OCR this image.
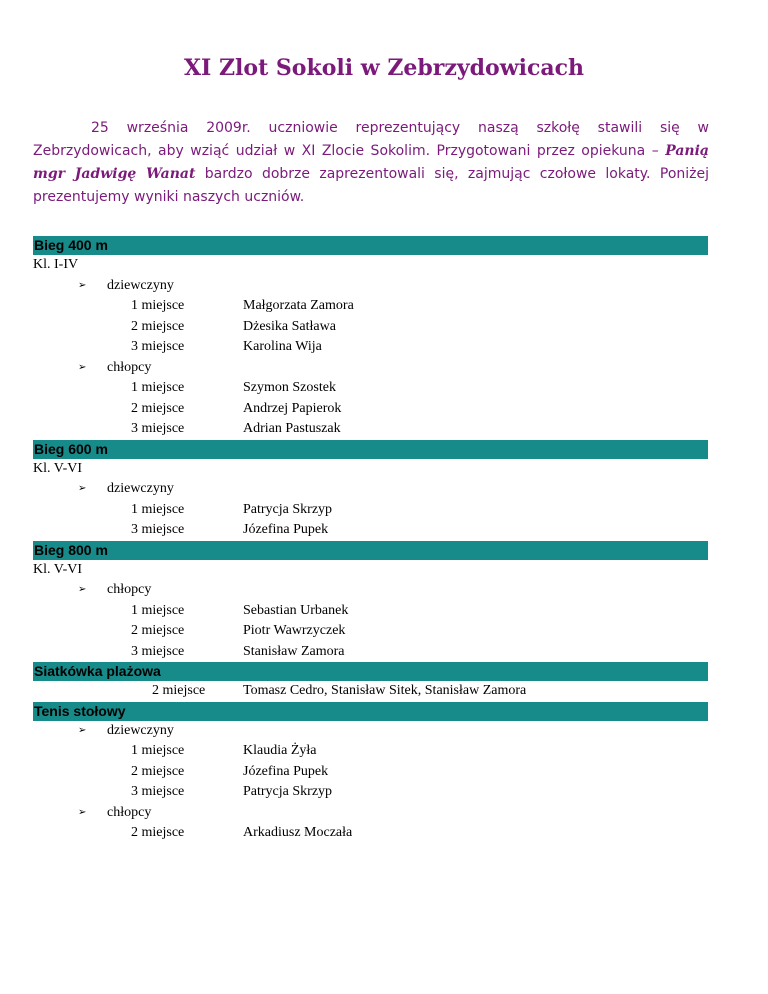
XI Zlot Sokoli w Zebrzydowicach
25 września 2009r. uczniowie reprezentujący naszą szkołę stawili się w Zebrzydowicach, aby wziąć udział w XI Zlocie Sokolim. Przygotowani przez opiekuna – Panią mgr Jadwigę Wanat bardzo dobrze zaprezentowali się, zajmując czołowe lokaty. Poniżej prezentujemy wyniki naszych uczniów.
Bieg 400 m
Kl. I-IV
➢ dziewczyny
1 miejsce	Małgorzata Zamora
2 miejsce	Dżesika Satława
3 miejsce	Karolina Wija
➢ chłopcy
1 miejsce	Szymon Szostek
2 miejsce	Andrzej Papierok
3 miejsce	Adrian Pastuszak
Bieg 600 m
Kl. V-VI
➢ dziewczyny
1 miejsce	Patrycja Skrzyp
3 miejsce	Józefina Pupek
Bieg 800 m
Kl. V-VI
➢ chłopcy
1 miejsce	Sebastian Urbanek
2 miejsce	Piotr Wawrzyczek
3 miejsce	Stanisław Zamora
Siatkówka plażowa
2 miejsce	Tomasz Cedro, Stanisław Sitek, Stanisław Zamora
Tenis stołowy
➢ dziewczyny
1 miejsce	Klaudia Żyła
2 miejsce	Józefina Pupek
3 miejsce	Patrycja Skrzyp
➢ chłopcy
2 miejsce	Arkadiusz Moczała
